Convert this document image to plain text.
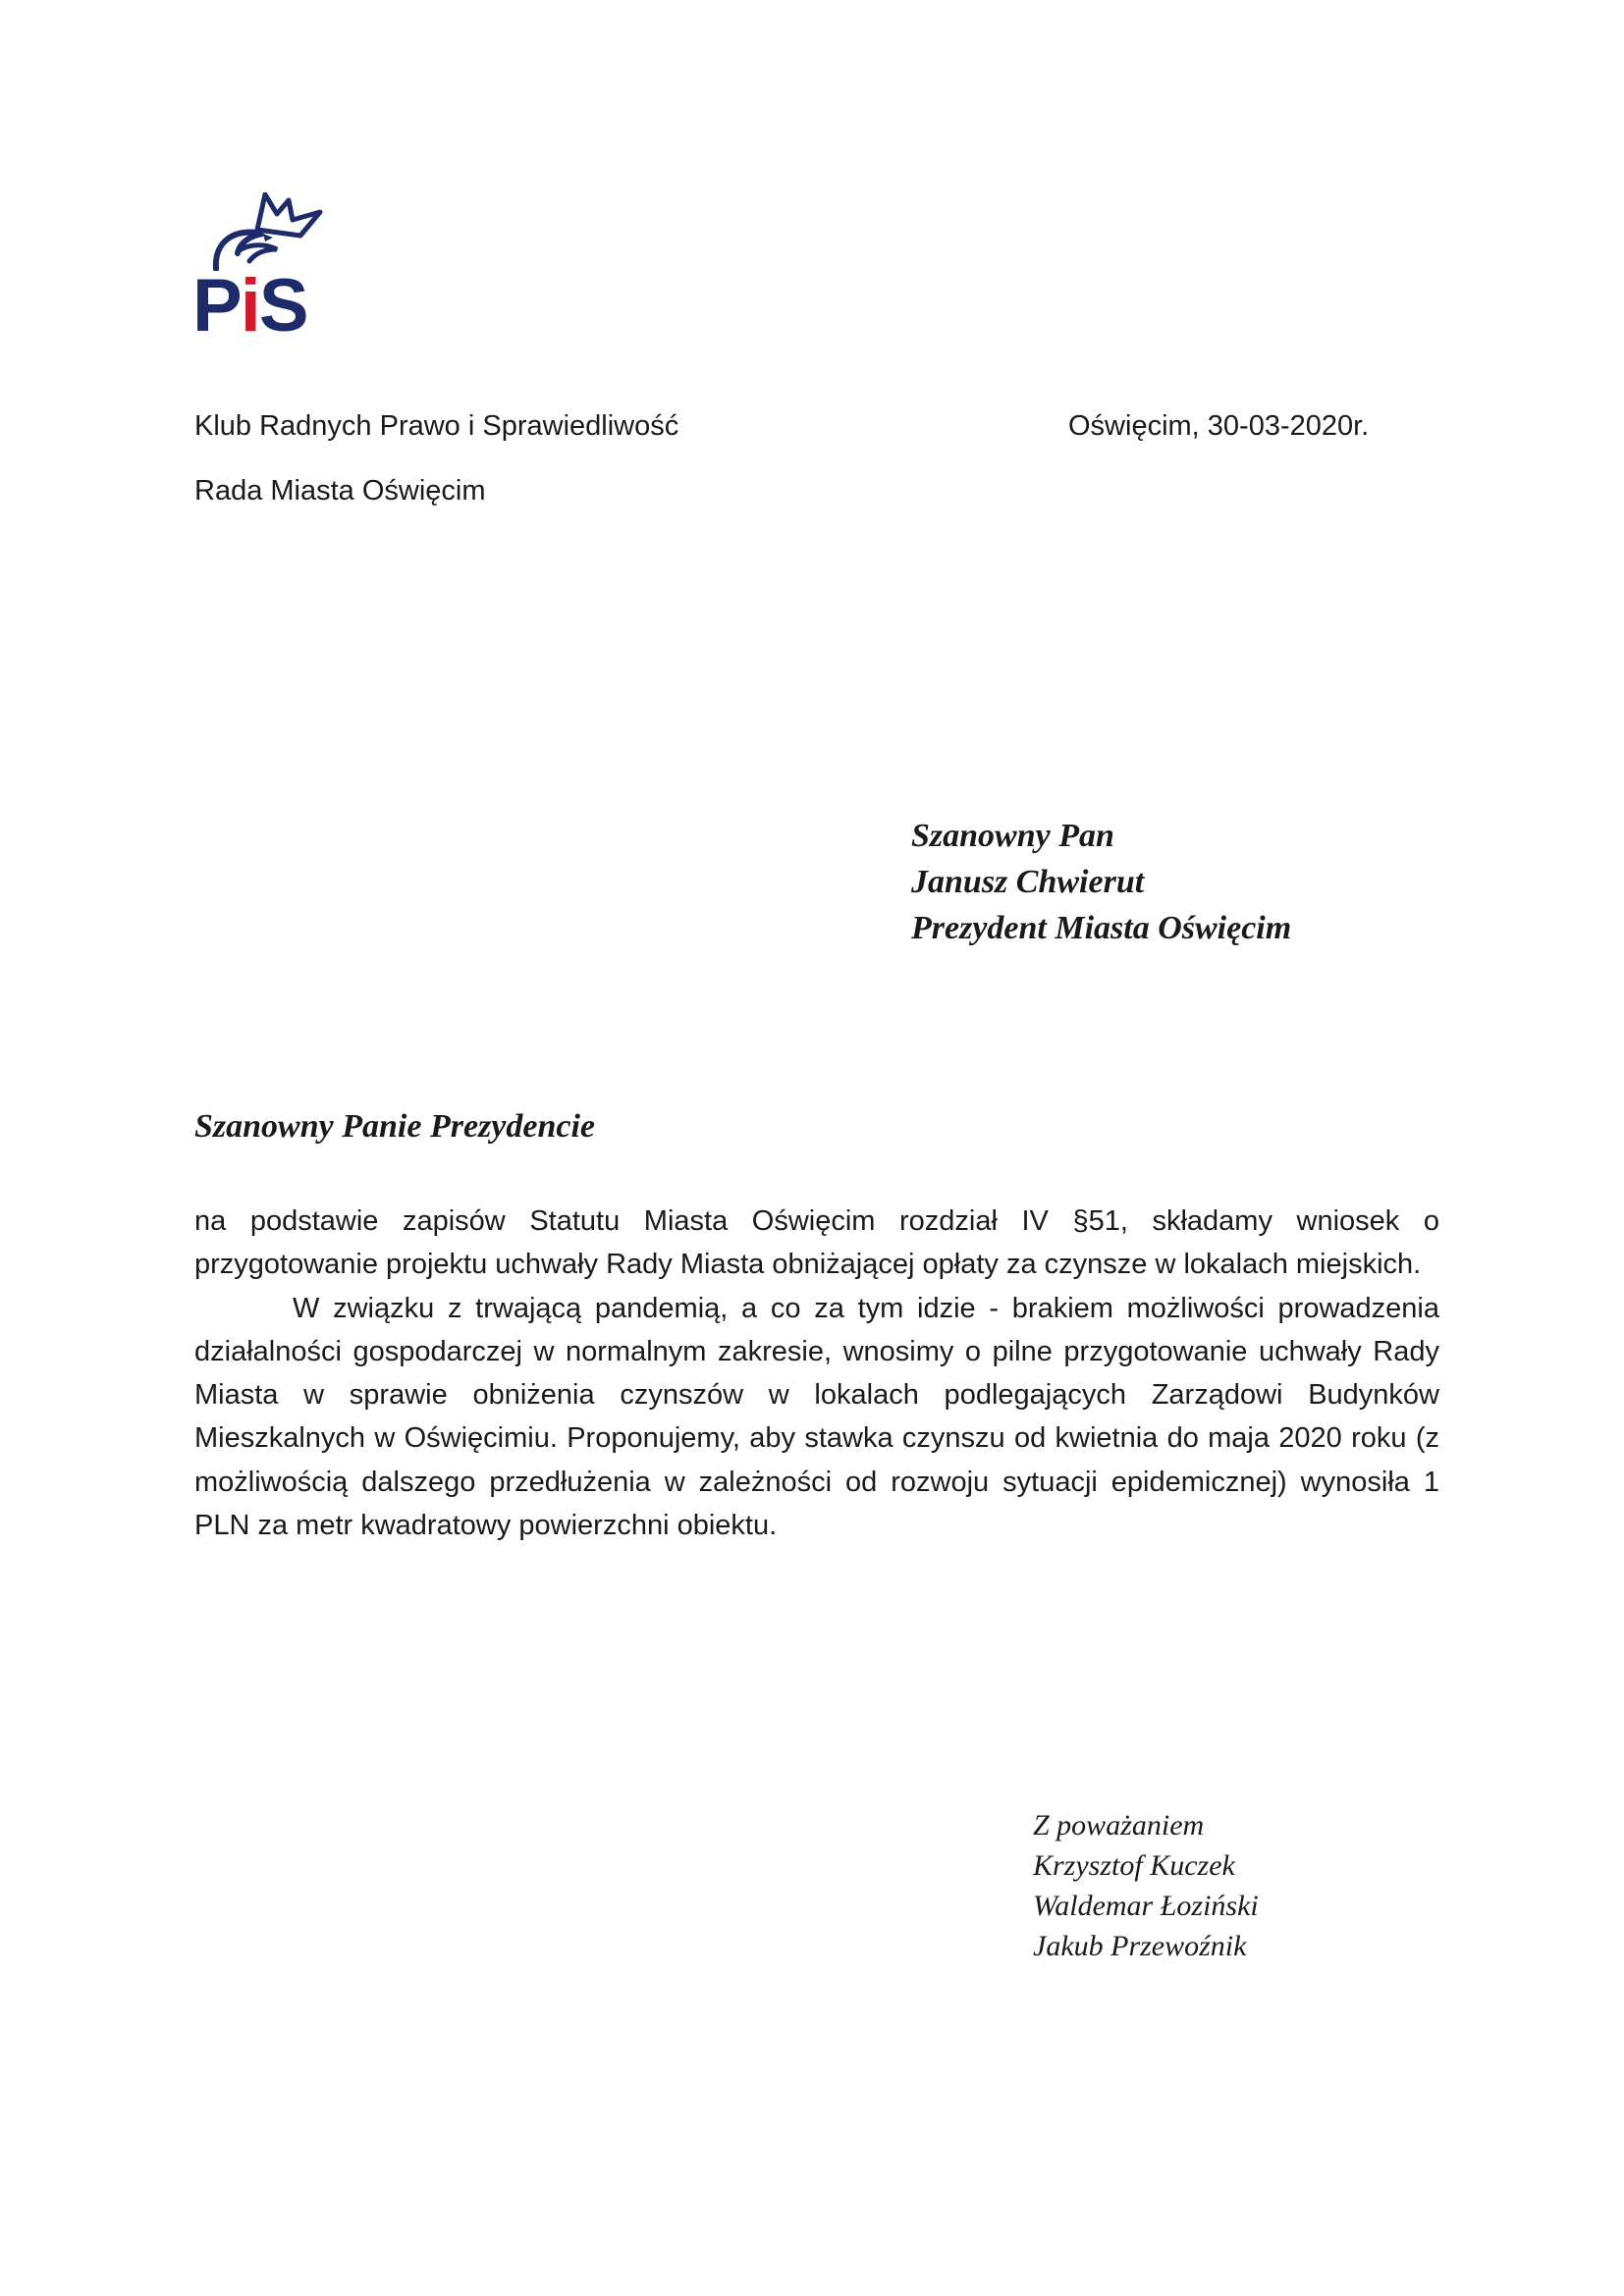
PiS
Klub Radnych Prawo i Sprawiedliwość	Oświęcim, 30-03-2020r.
Rada Miasta Oświęcim
Szanowny Pan
Janusz Chwierut
Prezydent Miasta Oświęcim
Szanowny Panie Prezydencie

na podstawie zapisów Statutu Miasta Oświęcim rozdział IV §51, składamy wniosek o przygotowanie projektu uchwały Rady Miasta obniżającej opłaty za czynsze w lokalach miejskich.

W związku z trwającą pandemią, a co za tym idzie - brakiem możliwości prowadzenia działalności gospodarczej w normalnym zakresie, wnosimy o pilne przygotowanie uchwały Rady Miasta w sprawie obniżenia czynszów w lokalach podlegających Zarządowi Budynków Mieszkalnych w Oświęcimiu. Proponujemy, aby stawka czynszu od kwietnia do maja 2020 roku (z możliwością dalszego przedłużenia w zależności od rozwoju sytuacji epidemicznej) wynosiła 1 PLN za metr kwadratowy powierzchni obiektu.

Z poważaniem
Krzysztof Kuczek
Waldemar Łoziński
Jakub Przewoźnik
